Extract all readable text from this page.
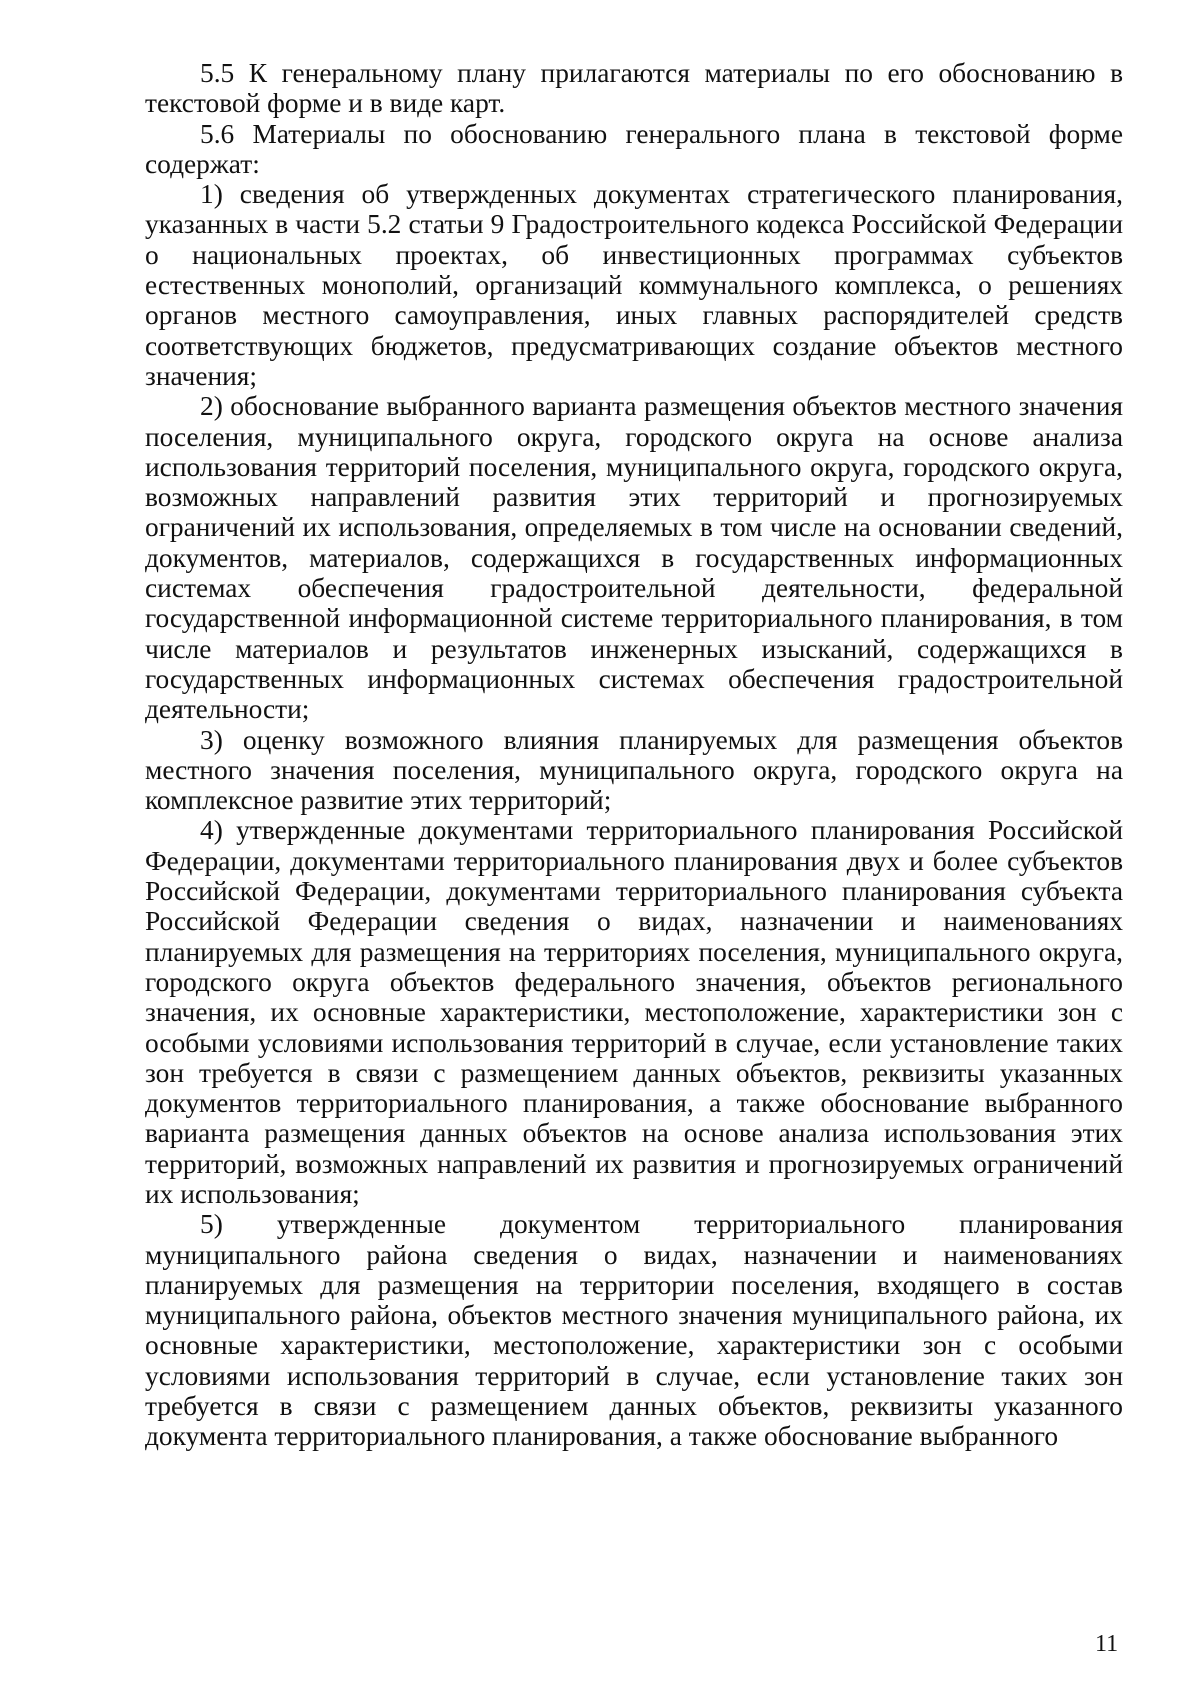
5.5 К генеральному плану прилагаются материалы по его обоснованию в текстовой форме и в виде карт.

5.6 Материалы по обоснованию генерального плана в текстовой форме содержат:

1) сведения об утвержденных документах стратегического планирования, указанных в части 5.2 статьи 9 Градостроительного кодекса Российской Федерации о национальных проектах, об инвестиционных программах субъектов естественных монополий, организаций коммунального комплекса, о решениях органов местного самоуправления, иных главных распорядителей средств соответствующих бюджетов, предусматривающих создание объектов местного значения;

2) обоснование выбранного варианта размещения объектов местного значения поселения, муниципального округа, городского округа на основе анализа использования территорий поселения, муниципального округа, городского округа, возможных направлений развития этих территорий и прогнозируемых ограничений их использования, определяемых в том числе на основании сведений, документов, материалов, содержащихся в государственных информационных системах обеспечения градостроительной деятельности, федеральной государственной информационной системе территориального планирования, в том числе материалов и результатов инженерных изысканий, содержащихся в государственных информационных системах обеспечения градостроительной деятельности;

3) оценку возможного влияния планируемых для размещения объектов местного значения поселения, муниципального округа, городского округа на комплексное развитие этих территорий;

4) утвержденные документами территориального планирования Российской Федерации, документами территориального планирования двух и более субъектов Российской Федерации, документами территориального планирования субъекта Российской Федерации сведения о видах, назначении и наименованиях планируемых для размещения на территориях поселения, муниципального округа, городского округа объектов федерального значения, объектов регионального значения, их основные характеристики, местоположение, характеристики зон с особыми условиями использования территорий в случае, если установление таких зон требуется в связи с размещением данных объектов, реквизиты указанных документов территориального планирования, а также обоснование выбранного варианта размещения данных объектов на основе анализа использования этих территорий, возможных направлений их развития и прогнозируемых ограничений их использования;

5) утвержденные документом территориального планирования муниципального района сведения о видах, назначении и наименованиях планируемых для размещения на территории поселения, входящего в состав муниципального района, объектов местного значения муниципального района, их основные характеристики, местоположение, характеристики зон с особыми условиями использования территорий в случае, если установление таких зон требуется в связи с размещением данных объектов, реквизиты указанного документа территориального планирования, а также обоснование выбранного

11
